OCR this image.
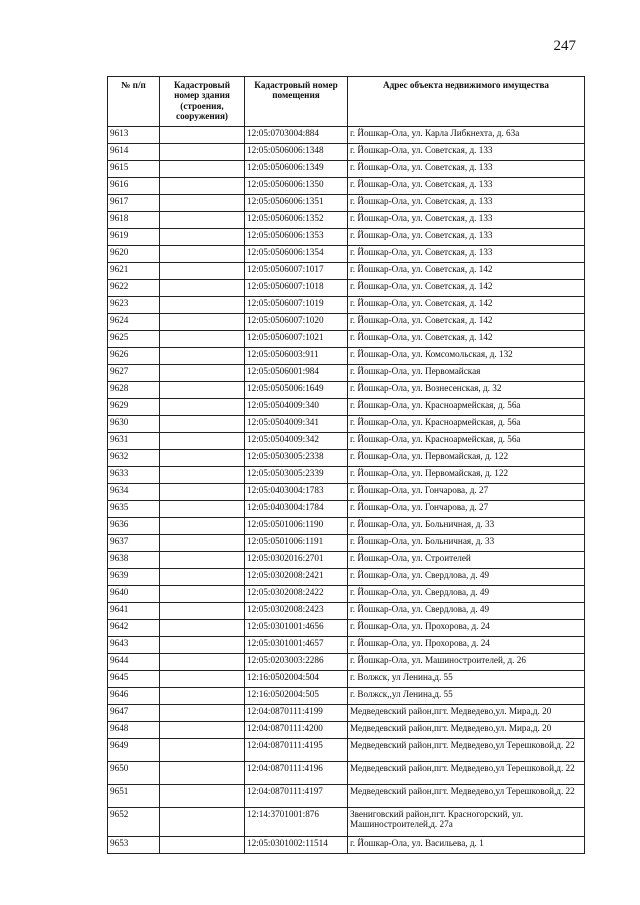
247
№ п/п	Кадастровый номер здания (строения, сооружения)	Кадастровый номер помещения	Адрес объекта недвижимого имущества
9613		12:05:0703004:884	г. Йошкар-Ола, ул. Карла Либкнехта, д. 63а
9614		12:05:0506006:1348	г. Йошкар-Ола, ул. Советская, д. 133
9615		12:05:0506006:1349	г. Йошкар-Ола, ул. Советская, д. 133
9616		12:05:0506006:1350	г. Йошкар-Ола, ул. Советская, д. 133
9617		12:05:0506006:1351	г. Йошкар-Ола, ул. Советская, д. 133
9618		12:05:0506006:1352	г. Йошкар-Ола, ул. Советская, д. 133
9619		12:05:0506006:1353	г. Йошкар-Ола, ул. Советская, д. 133
9620		12:05:0506006:1354	г. Йошкар-Ола, ул. Советская, д. 133
9621		12:05:0506007:1017	г. Йошкар-Ола, ул. Советская, д. 142
9622		12:05:0506007:1018	г. Йошкар-Ола, ул. Советская, д. 142
9623		12:05:0506007:1019	г. Йошкар-Ола, ул. Советская, д. 142
9624		12:05:0506007:1020	г. Йошкар-Ола, ул. Советская, д. 142
9625		12:05:0506007:1021	г. Йошкар-Ола, ул. Советская, д. 142
9626		12:05:0506003:911	г. Йошкар-Ола, ул. Комсомольская, д. 132
9627		12:05:0506001:984	г. Йошкар-Ола, ул. Первомайская
9628		12:05:0505006:1649	г. Йошкар-Ола, ул. Вознесенская, д. 32
9629		12:05:0504009:340	г. Йошкар-Ола, ул. Красноармейская, д. 56а
9630		12:05:0504009:341	г. Йошкар-Ола, ул. Красноармейская, д. 56а
9631		12:05:0504009:342	г. Йошкар-Ола, ул. Красноармейская, д. 56а
9632		12:05:0503005:2338	г. Йошкар-Ола, ул. Первомайская, д. 122
9633		12:05:0503005:2339	г. Йошкар-Ола, ул. Первомайская, д. 122
9634		12:05:0403004:1783	г. Йошкар-Ола, ул. Гончарова, д. 27
9635		12:05:0403004:1784	г. Йошкар-Ола, ул. Гончарова, д. 27
9636		12:05:0501006:1190	г. Йошкар-Ола, ул. Больничная, д. 33
9637		12:05:0501006:1191	г. Йошкар-Ола, ул. Больничная, д. 33
9638		12:05:0302016:2701	г. Йошкар-Ола, ул. Строителей
9639		12:05:0302008:2421	г. Йошкар-Ола, ул. Свердлова, д. 49
9640		12:05:0302008:2422	г. Йошкар-Ола, ул. Свердлова, д. 49
9641		12:05:0302008:2423	г. Йошкар-Ола, ул. Свердлова, д. 49
9642		12:05:0301001:4656	г. Йошкар-Ола, ул. Прохорова, д. 24
9643		12:05:0301001:4657	г. Йошкар-Ола, ул. Прохорова, д. 24
9644		12:05:0203003:2286	г. Йошкар-Ола, ул. Машиностроителей, д. 26
9645		12:16:0502004:504	г. Волжск, ул Ленина,д. 55
9646		12:16:0502004:505	г. Волжск,,ул Ленина,д. 55
9647		12:04:0870111:4199	Медведевский район,пгт. Медведево,ул. Мира,д. 20
9648		12:04:0870111:4200	Медведевский район,пгт. Медведево,ул. Мира,д. 20
9649		12:04:0870111:4195	Медведевский район,пгт. Медведево,ул Терешковой,д. 22
9650		12:04:0870111:4196	Медведевский район,пгт. Медведево,ул Терешковой,д. 22
9651		12:04:0870111:4197	Медведевский район,пгт. Медведево,ул Терешковой,д. 22
9652		12:14:3701001:876	Звениговский район,пгт. Красногорский, ул. Машиностроителей,д. 27а
9653		12:05:0301002:11514	г. Йошкар-Ола, ул. Васильева, д. 1
